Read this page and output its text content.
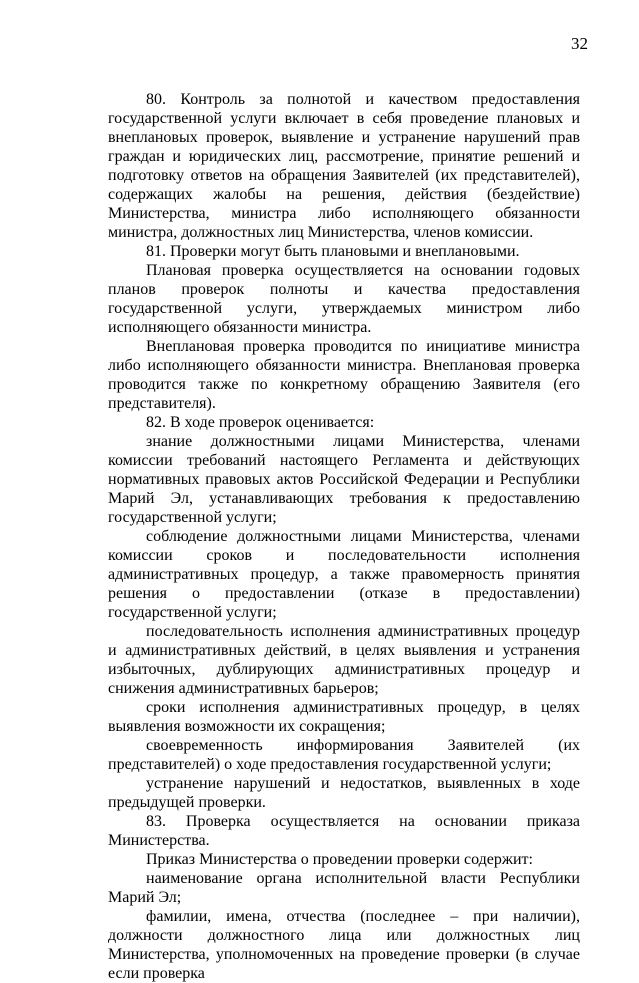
32

80. Контроль за полнотой и качеством предоставления государственной услуги включает в себя проведение плановых и внеплановых проверок, выявление и устранение нарушений прав граждан и юридических лиц, рассмотрение, принятие решений и подготовку ответов на обращения Заявителей (их представителей), содержащих жалобы на решения, действия (бездействие) Министерства, министра либо исполняющего обязанности министра, должностных лиц Министерства, членов комиссии.

81. Проверки могут быть плановыми и внеплановыми.

Плановая проверка осуществляется на основании годовых планов проверок полноты и качества предоставления государственной услуги, утверждаемых министром либо исполняющего обязанности министра.

Внеплановая проверка проводится по инициативе министра либо исполняющего обязанности министра. Внеплановая проверка проводится также по конкретному обращению Заявителя (его представителя).

82. В ходе проверок оценивается:

знание должностными лицами Министерства, членами комиссии требований настоящего Регламента и действующих нормативных правовых актов Российской Федерации и Республики Марий Эл, устанавливающих требования к предоставлению государственной услуги;

соблюдение должностными лицами Министерства, членами комиссии сроков и последовательности исполнения административных процедур, а также правомерность принятия решения о предоставлении (отказе в предоставлении) государственной услуги;

последовательность исполнения административных процедур и административных действий, в целях выявления и устранения избыточных, дублирующих административных процедур и снижения административных барьеров;

сроки исполнения административных процедур, в целях выявления возможности их сокращения;

своевременность информирования Заявителей (их представителей) о ходе предоставления государственной услуги;

устранение нарушений и недостатков, выявленных в ходе предыдущей проверки.

83. Проверка осуществляется на основании приказа Министерства.

Приказ Министерства о проведении проверки содержит:

наименование органа исполнительной власти Республики Марий Эл;

фамилии, имена, отчества (последнее – при наличии), должности должностного лица или должностных лиц Министерства, уполномоченных на проведение проверки (в случае если проверка
